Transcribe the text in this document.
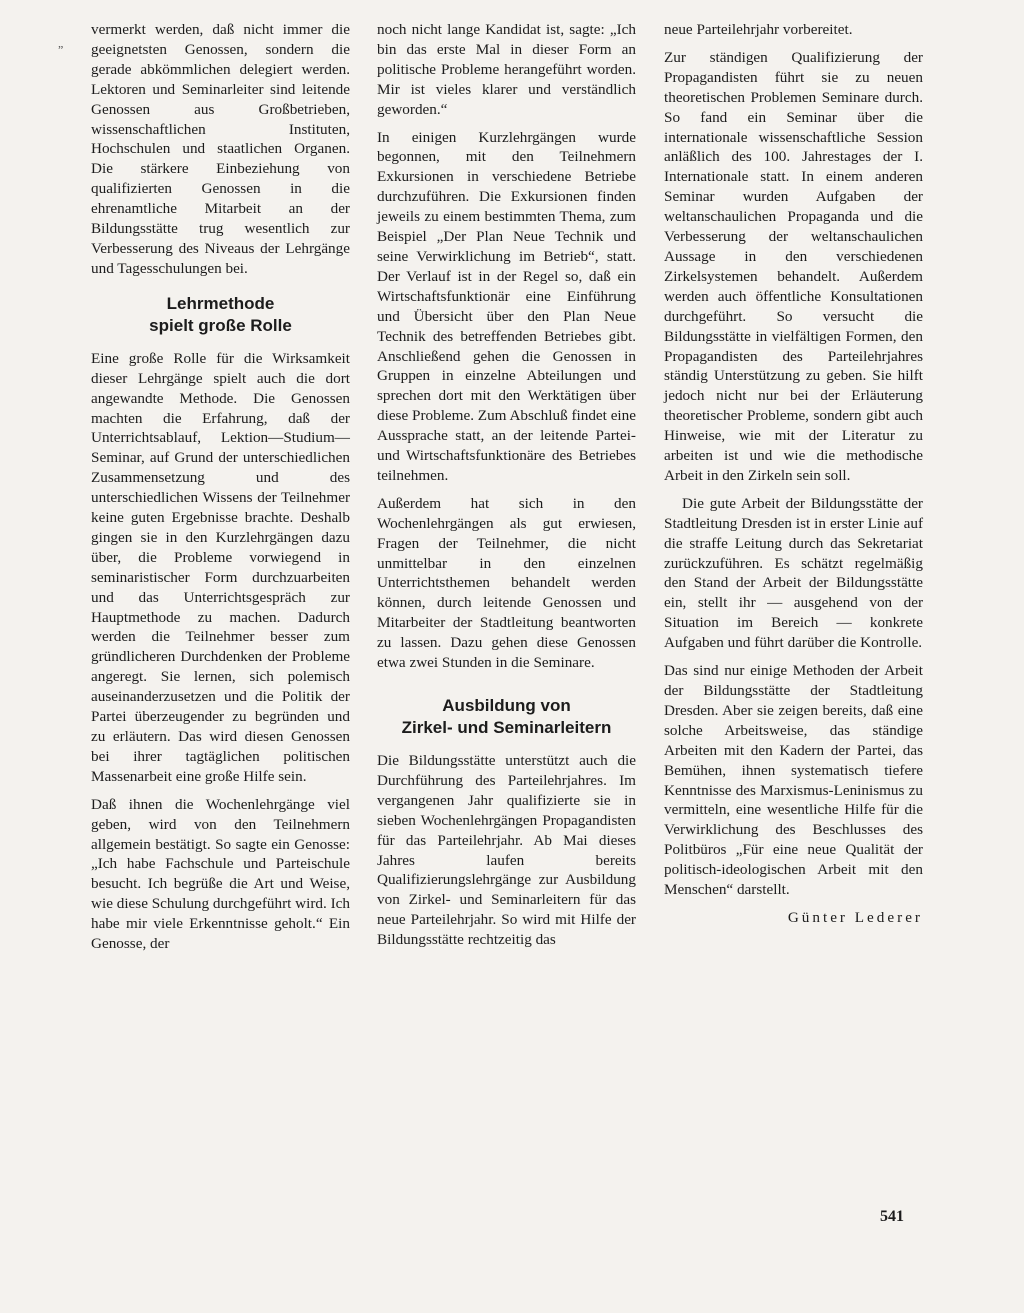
„

vermerkt werden, daß nicht immer die geeignetsten Genossen, sondern die gerade abkömmlichen delegiert werden. Lektoren und Seminarleiter sind leitende Genossen aus Großbetrieben, wissenschaftlichen Instituten, Hochschulen und staatlichen Organen. Die stärkere Einbeziehung von qualifizierten Genossen in die ehrenamtliche Mitarbeit an der Bildungsstätte trug wesentlich zur Verbesserung des Niveaus der Lehrgänge und Tagesschulungen bei.

Lehrmethode
spielt große Rolle

Eine große Rolle für die Wirksamkeit dieser Lehrgänge spielt auch die dort angewandte Methode. Die Genossen machten die Erfahrung, daß der Unterrichtsablauf, Lektion—Studium—Seminar, auf Grund der unterschiedlichen Zusammensetzung und des unterschiedlichen Wissens der Teilnehmer keine guten Ergebnisse brachte. Deshalb gingen sie in den Kurzlehrgängen dazu über, die Probleme vorwiegend in seminaristischer Form durchzuarbeiten und das Unterrichtsgespräch zur Hauptmethode zu machen. Dadurch werden die Teilnehmer besser zum gründlicheren Durchdenken der Probleme angeregt. Sie lernen, sich polemisch auseinanderzusetzen und die Politik der Partei überzeugender zu begründen und zu erläutern. Das wird diesen Genossen bei ihrer tagtäglichen politischen Massenarbeit eine große Hilfe sein.

Daß ihnen die Wochenlehrgänge viel geben, wird von den Teilnehmern allgemein bestätigt. So sagte ein Genosse: „Ich habe Fachschule und Parteischule besucht. Ich begrüße die Art und Weise, wie diese Schulung durchgeführt wird. Ich habe mir viele Erkenntnisse geholt.“ Ein Genosse, der

noch nicht lange Kandidat ist, sagte: „Ich bin das erste Mal in dieser Form an politische Probleme herangeführt worden. Mir ist vieles klarer und verständlich geworden.“

In einigen Kurzlehrgängen wurde begonnen, mit den Teilnehmern Exkursionen in verschiedene Betriebe durchzuführen. Die Exkursionen finden jeweils zu einem bestimmten Thema, zum Beispiel „Der Plan Neue Technik und seine Verwirklichung im Betrieb“, statt. Der Verlauf ist in der Regel so, daß ein Wirtschaftsfunktionär eine Einführung und Übersicht über den Plan Neue Technik des betreffenden Betriebes gibt. Anschließend gehen die Genossen in Gruppen in einzelne Abteilungen und sprechen dort mit den Werktätigen über diese Probleme. Zum Abschluß findet eine Aussprache statt, an der leitende Partei- und Wirtschaftsfunktionäre des Betriebes teilnehmen.

Außerdem hat sich in den Wochenlehrgängen als gut erwiesen, Fragen der Teilnehmer, die nicht unmittelbar in den einzelnen Unterrichtsthemen behandelt werden können, durch leitende Genossen und Mitarbeiter der Stadtleitung beantworten zu lassen. Dazu gehen diese Genossen etwa zwei Stunden in die Seminare.

Ausbildung von
Zirkel- und Seminarleitern

Die Bildungsstätte unterstützt auch die Durchführung des Parteilehrjahres. Im vergangenen Jahr qualifizierte sie in sieben Wochenlehrgängen Propagandisten für das Parteilehrjahr. Ab Mai dieses Jahres laufen bereits Qualifizierungslehrgänge zur Ausbildung von Zirkel- und Seminarleitern für das neue Parteilehrjahr. So wird mit Hilfe der Bildungsstätte rechtzeitig das

neue Parteilehrjahr vorbereitet.

Zur ständigen Qualifizierung der Propagandisten führt sie zu neuen theoretischen Problemen Seminare durch. So fand ein Seminar über die internationale wissenschaftliche Session anläßlich des 100. Jahrestages der I. Internationale statt. In einem anderen Seminar wurden Aufgaben der weltanschaulichen Propaganda und die Verbesserung der weltanschaulichen Aussage in den verschiedenen Zirkelsystemen behandelt. Außerdem werden auch öffentliche Konsultationen durchgeführt. So versucht die Bildungsstätte in vielfältigen Formen, den Propagandisten des Parteilehrjahres ständig Unterstützung zu geben. Sie hilft jedoch nicht nur bei der Erläuterung theoretischer Probleme, sondern gibt auch Hinweise, wie mit der Literatur zu arbeiten ist und wie die methodische Arbeit in den Zirkeln sein soll.

Die gute Arbeit der Bildungsstätte der Stadtleitung Dresden ist in erster Linie auf die straffe Leitung durch das Sekretariat zurückzuführen. Es schätzt regelmäßig den Stand der Arbeit der Bildungsstätte ein, stellt ihr — ausgehend von der Situation im Bereich — konkrete Aufgaben und führt darüber die Kontrolle.

Das sind nur einige Methoden der Arbeit der Bildungsstätte der Stadtleitung Dresden. Aber sie zeigen bereits, daß eine solche Arbeitsweise, das ständige Arbeiten mit den Kadern der Partei, das Bemühen, ihnen systematisch tiefere Kenntnisse des Marxismus-Leninismus zu vermitteln, eine wesentliche Hilfe für die Verwirklichung des Beschlusses des Politbüros „Für eine neue Qualität der politisch-ideologischen Arbeit mit den Menschen“ darstellt.

Günter Lederer

541
